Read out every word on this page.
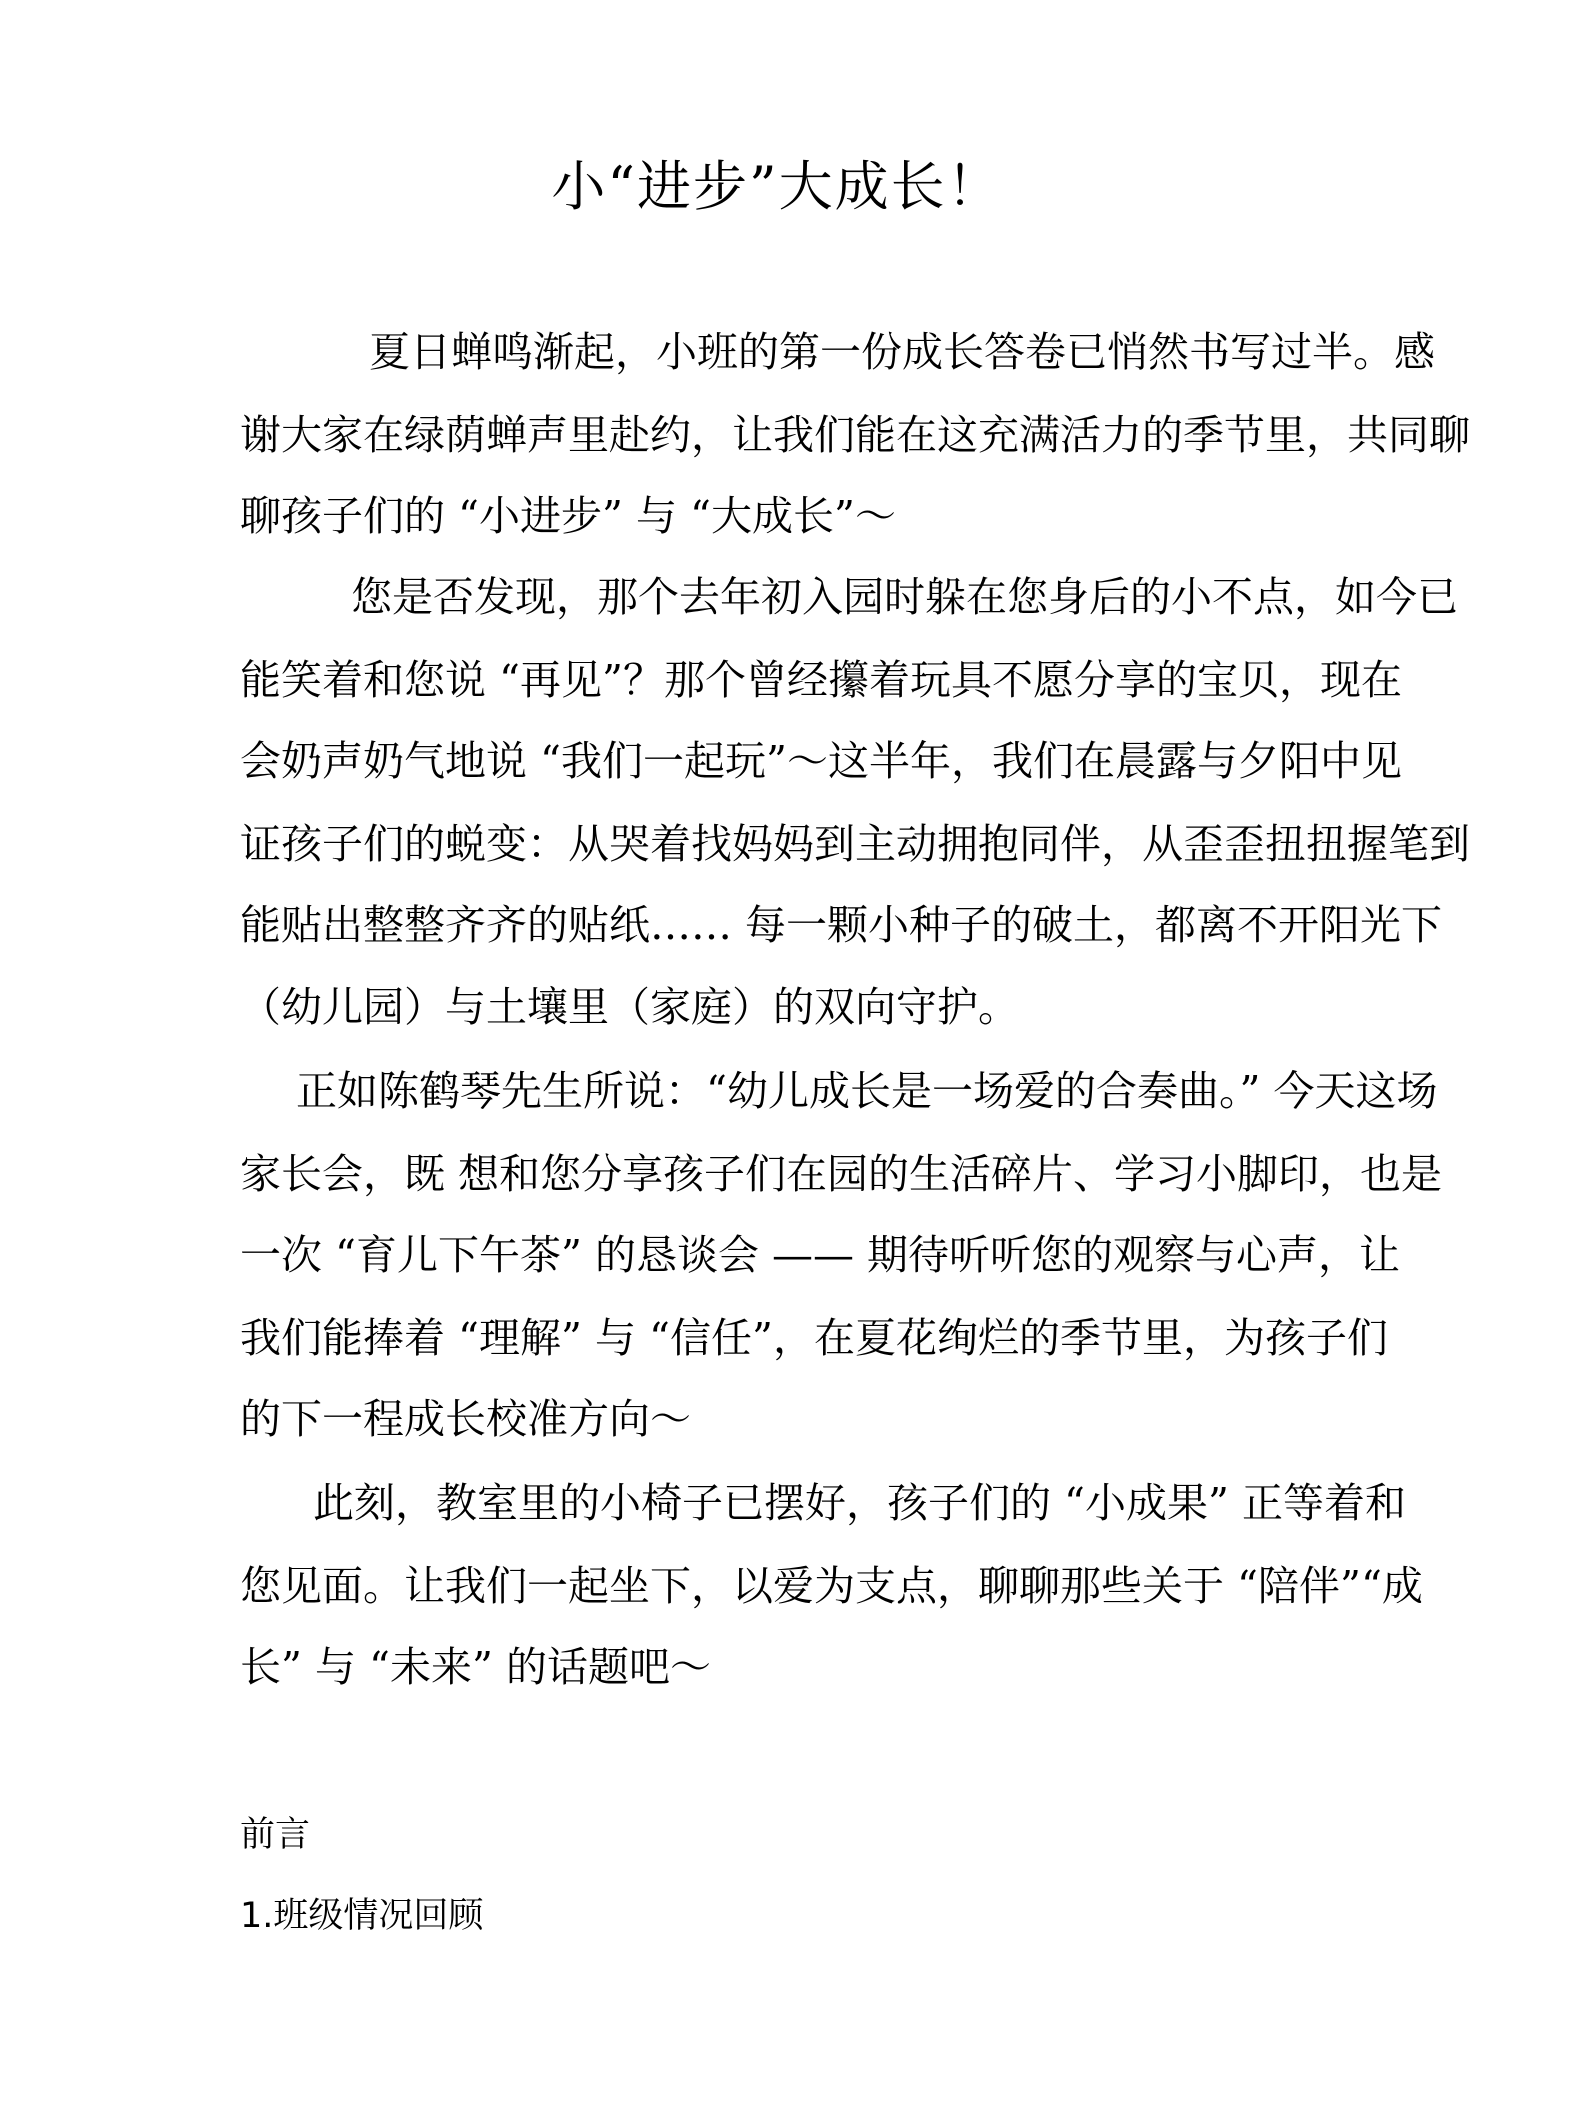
小“进步”大成长！
夏日蝉鸣渐起，小班的第一份成长答卷已悄然书写过半。感
谢大家在绿荫蝉声里赴约，让我们能在这充满活力的季节里，共同聊
聊孩子们的 “小进步” 与 “大成长”～
您是否发现，那个去年初入园时躲在您身后的小不点，如今已
能笑着和您说 “再见”？那个曾经攥着玩具不愿分享的宝贝，现在
会奶声奶气地说 “我们一起玩”～这半年，我们在晨露与夕阳中见
证孩子们的蜕变：从哭着找妈妈到主动拥抱同伴，从歪歪扭扭握笔到
能贴出整整齐齐的贴纸…… 每一颗小种子的破土，都离不开阳光下
（幼儿园）与土壤里（家庭）的双向守护。
正如陈鹤琴先生所说：“幼儿成长是一场爱的合奏曲。” 今天这场
家长会，既 想和您分享孩子们在园的生活碎片、学习小脚印，也是
一次 “育儿下午茶” 的恳谈会 —— 期待听听您的观察与心声，让
我们能捧着 “理解” 与 “信任”，在夏花绚烂的季节里，为孩子们
的下一程成长校准方向～
此刻，教室里的小椅子已摆好，孩子们的 “小成果” 正等着和
您见面。让我们一起坐下，以爱为支点，聊聊那些关于 “陪伴”“成
长” 与 “未来” 的话题吧～
前言
1.班级情况回顾
